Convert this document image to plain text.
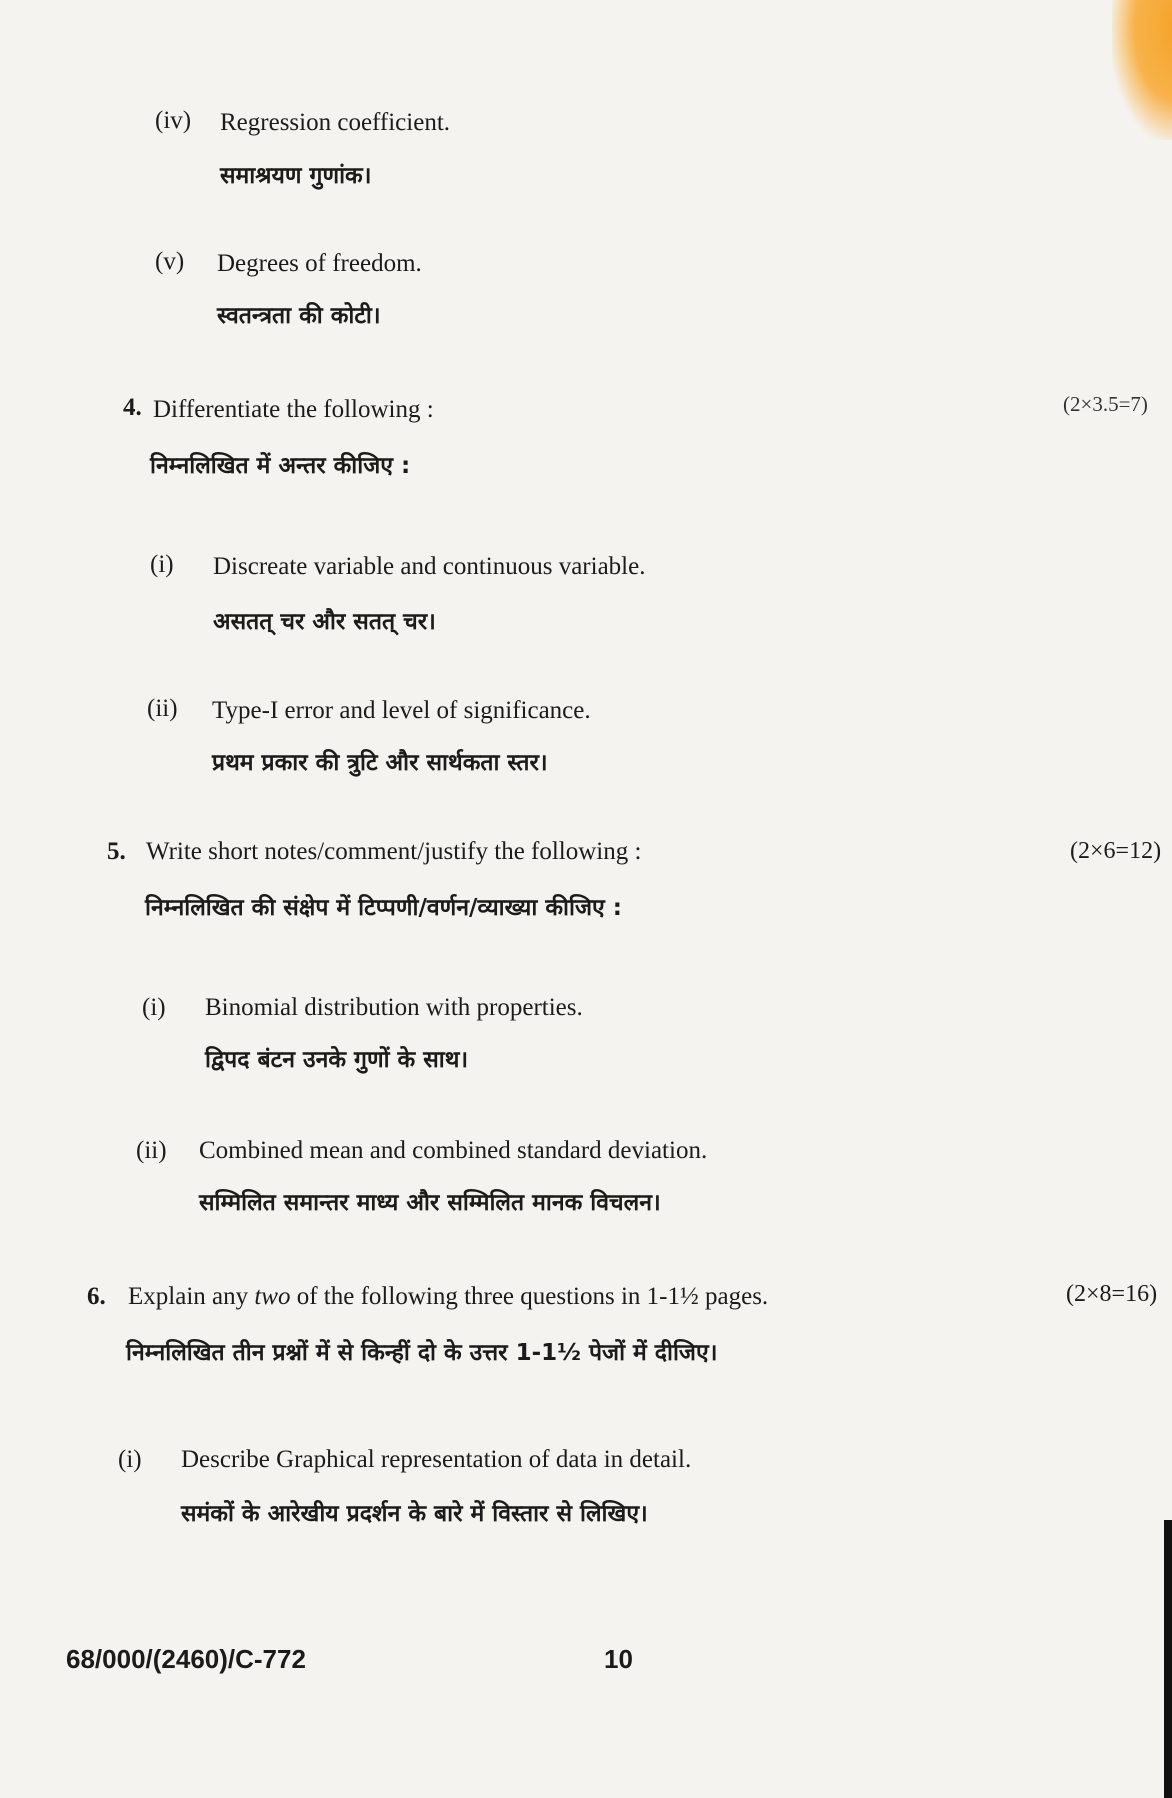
(iv) Regression coefficient.
समाश्रयण गुणांक।
(v) Degrees of freedom.
स्वतन्त्रता की कोटी।
4. Differentiate the following :
निम्नलिखित में अन्तर कीजिए :
(2×3.5=7)
(i) Discreate variable and continuous variable.
असतत् चर और सतत् चर।
(ii) Type-I error and level of significance.
प्रथम प्रकार की त्रुटि और सार्थकता स्तर।
5. Write short notes/comment/justify the following :
निम्नलिखित की संक्षेप में टिप्पणी/वर्णन/व्याख्या कीजिए :
(2×6=12)
(i) Binomial distribution with properties.
द्विपद बंटन उनके गुणों के साथ।
(ii) Combined mean and combined standard deviation.
सम्मिलित समान्तर माध्य और सम्मिलित मानक विचलन।
6. Explain any two of the following three questions in 1-1½ pages.
निम्नलिखित तीन प्रश्नों में से किन्हीं दो के उत्तर 1-1½ पेजों में दीजिए।
(2×8=16)
(i) Describe Graphical representation of data in detail.
समंकों के आरेखीय प्रदर्शन के बारे में विस्तार से लिखिए।
68/000/(2460)/C-772	10
